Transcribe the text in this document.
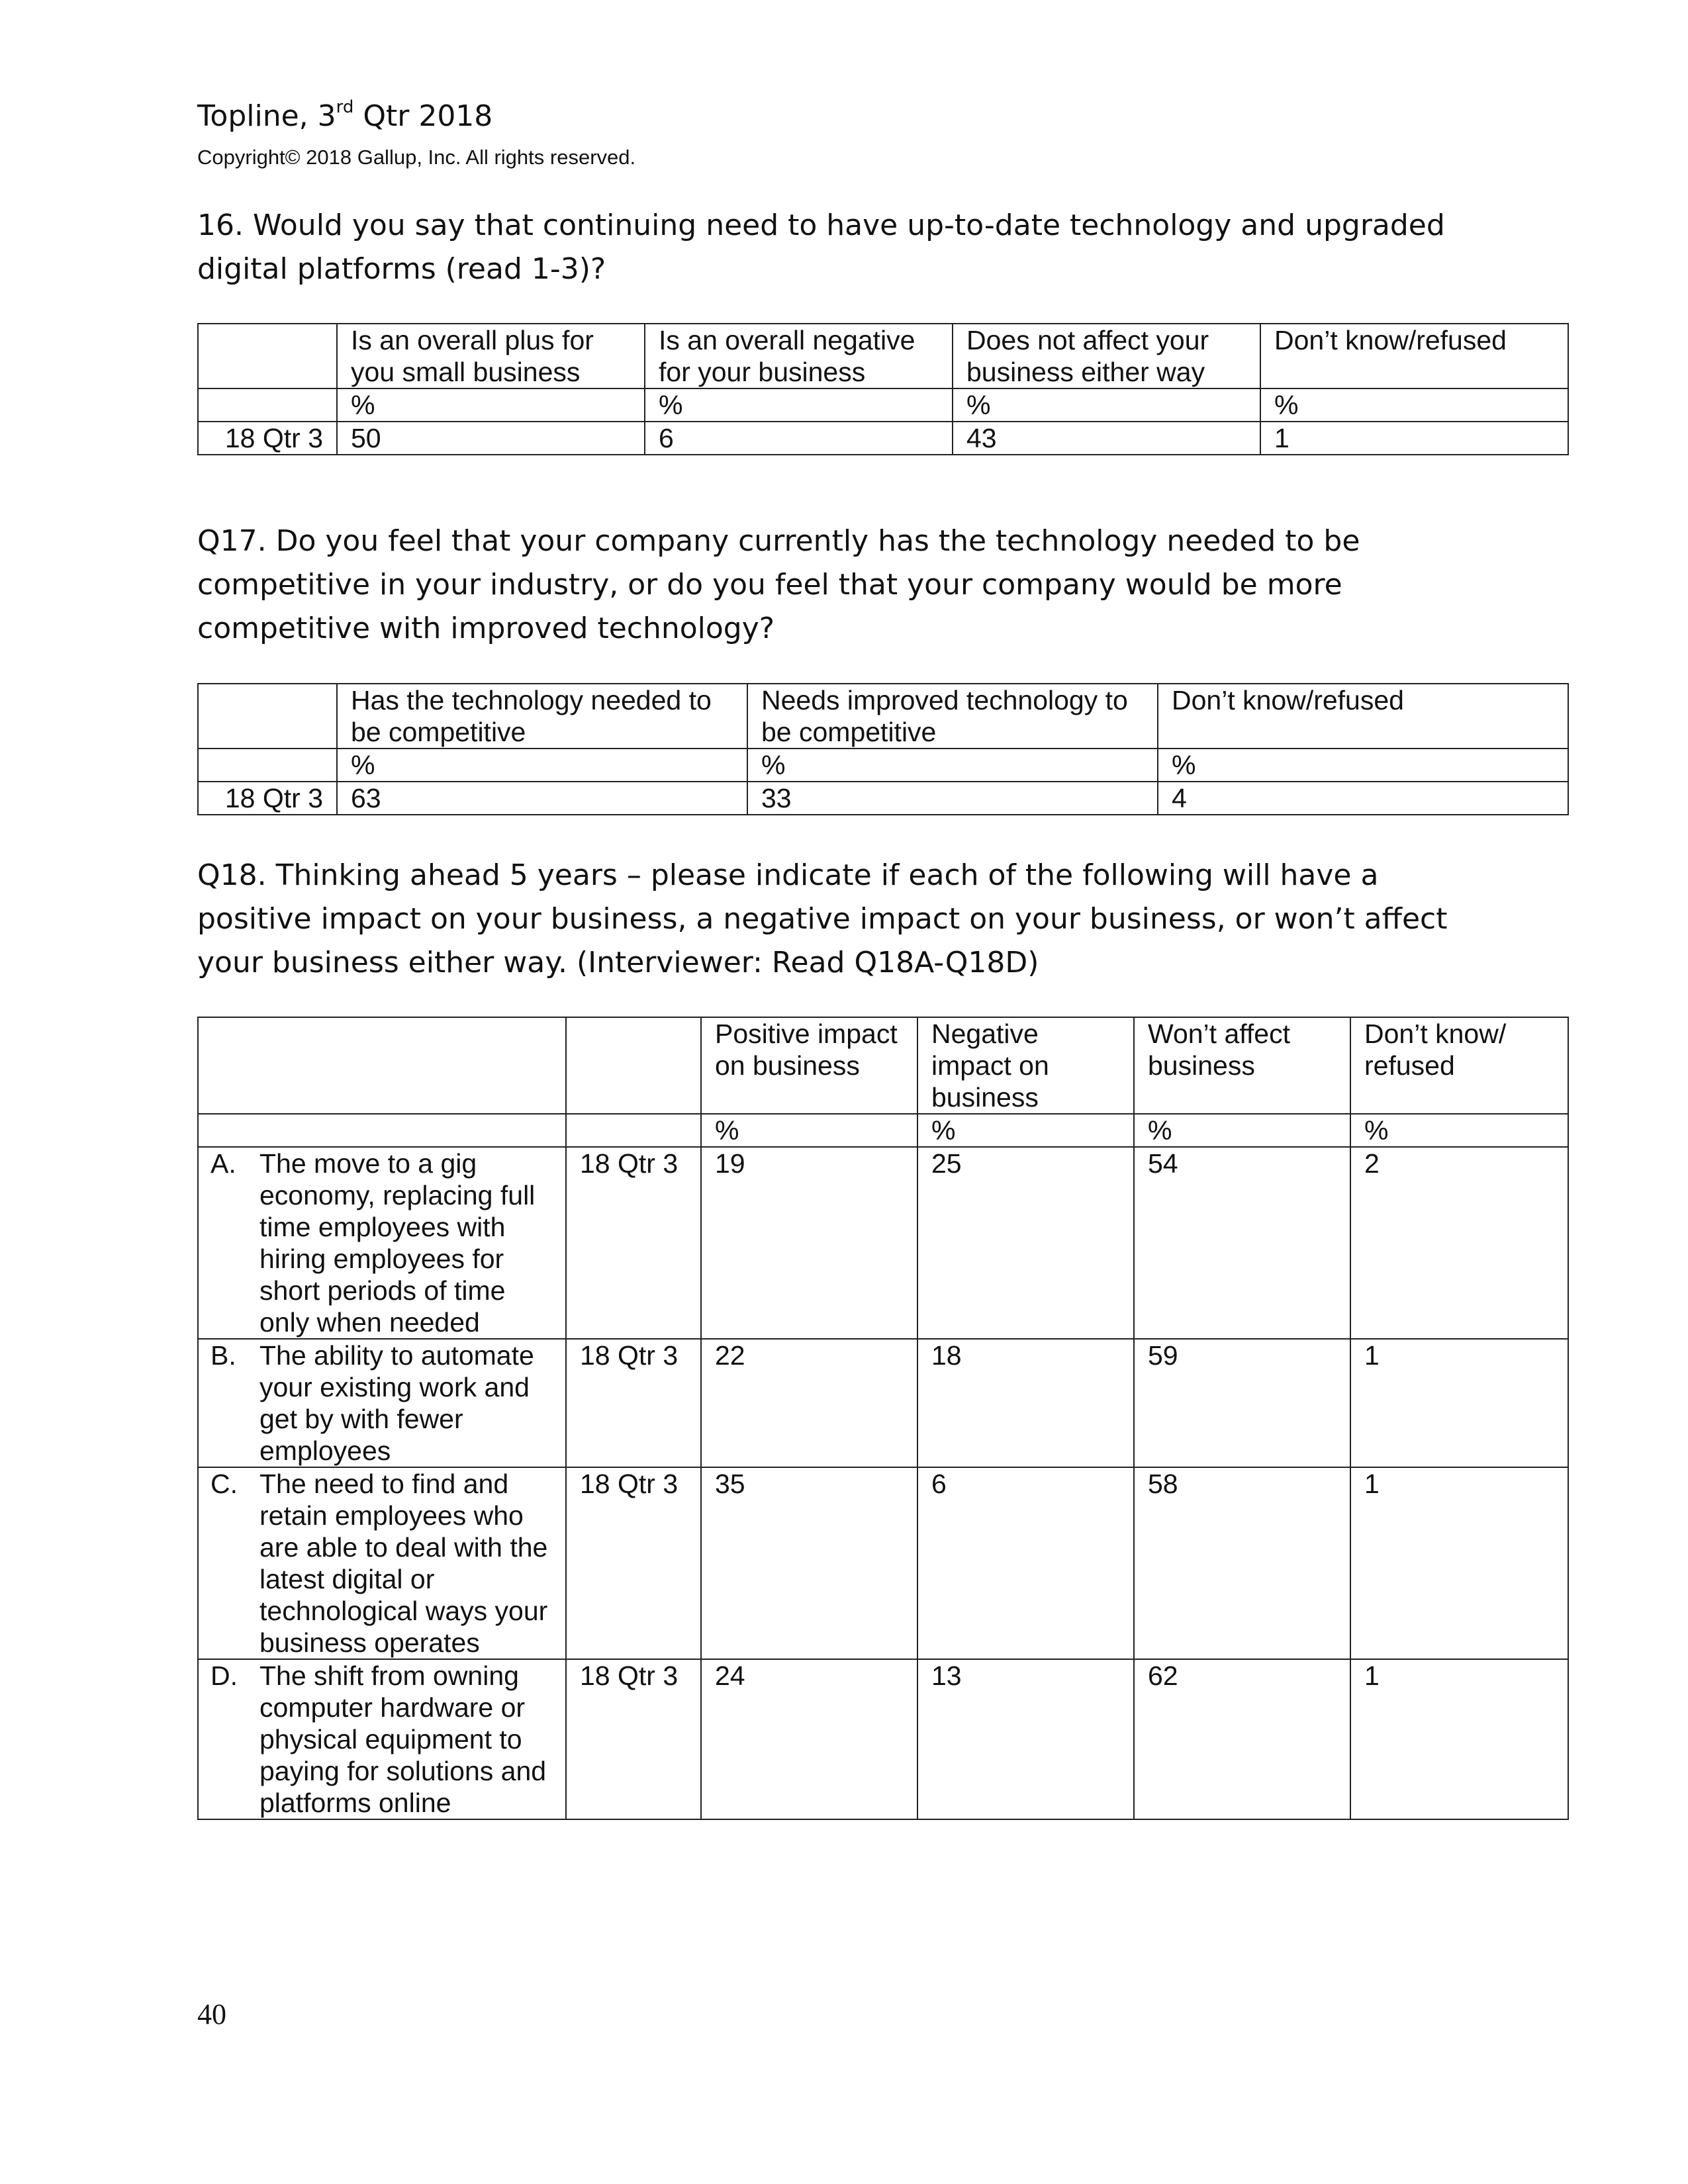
Topline, 3rd Qtr 2018
Copyright© 2018 Gallup, Inc. All rights reserved.
16. Would you say that continuing need to have up-to-date technology and upgraded digital platforms (read 1-3)?
	Is an overall plus for you small business	Is an overall negative for your business	Does not affect your business either way	Don’t know/refused
	%	%	%	%
18 Qtr 3	50	6	43	1
Q17. Do you feel that your company currently has the technology needed to be competitive in your industry, or do you feel that your company would be more competitive with improved technology?
	Has the technology needed to be competitive	Needs improved technology to be competitive	Don’t know/refused
	%	%	%
18 Qtr 3	63	33	4
Q18. Thinking ahead 5 years – please indicate if each of the following will have a positive impact on your business, a negative impact on your business, or won’t affect your business either way. (Interviewer: Read Q18A-Q18D)
		Positive impact on business	Negative impact on business	Won’t affect business	Don’t know/ refused
		%	%	%	%

A. The move to a gig economy, replacing full time employees with hiring employees for short periods of time only when needed	18 Qtr 3	19	25	54	2

B. The ability to automate your existing work and get by with fewer employees	18 Qtr 3	22	18	59	1

C. The need to find and retain employees who are able to deal with the latest digital or technological ways your business operates	18 Qtr 3	35	6	58	1

D. The shift from owning computer hardware or physical equipment to paying for solutions and platforms online	18 Qtr 3	24	13	62	1
40
